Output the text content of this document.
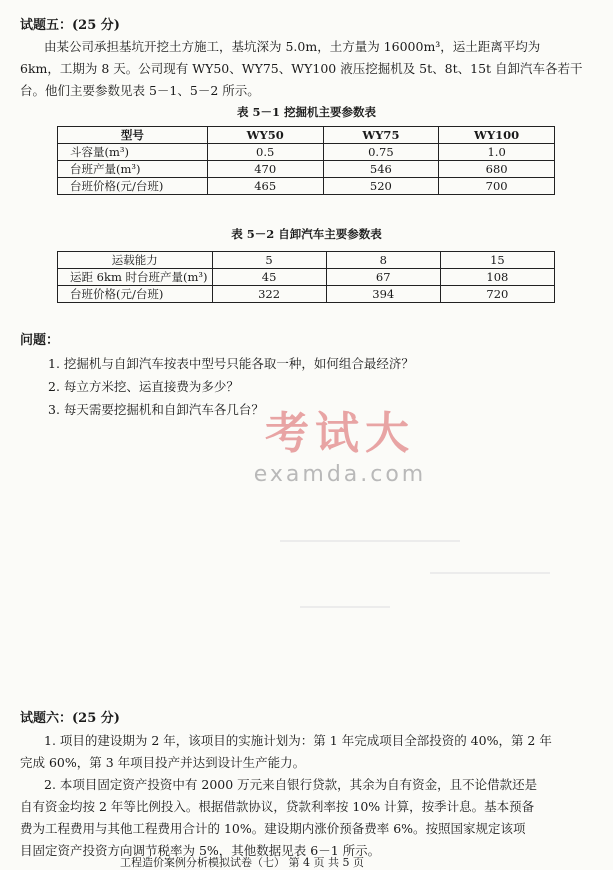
试题五：(25 分)
由某公司承担基坑开挖土方施工，基坑深为 5.0m，土方量为 16000m³，运土距离平均为
6km，工期为 8 天。公司现有 WY50、WY75、WY100 液压挖掘机及 5t、8t、15t 自卸汽车各若干
台。他们主要参数见表 5－1、5－2 所示。
表 5－1 挖掘机主要参数表
型号	WY50	WY75	WY100
斗容量(m³)	0.5	0.75	1.0
台班产量(m³)	470	546	680
台班价格(元/台班)	465	520	700
表 5－2 自卸汽车主要参数表
运载能力	5	8	15
运距 6km 时台班产量(m³)	45	67	108
台班价格(元/台班)	322	394	720
问题：
1. 挖掘机与自卸汽车按表中型号只能各取一种，如何组合最经济？
2. 每立方米挖、运直接费为多少？
3. 每天需要挖掘机和自卸汽车各几台？ 考试大
examda.com
试题六：(25 分)
1. 项目的建设期为 2 年，该项目的实施计划为：第 1 年完成项目全部投资的 40%，第 2 年
完成 60%，第 3 年项目投产并达到设计生产能力。
2. 本项目固定资产投资中有 2000 万元来自银行贷款，其余为自有资金，且不论借款还是
自有资金均按 2 年等比例投入。根据借款协议，贷款利率按 10% 计算，按季计息。基本预备
费为工程费用与其他工程费用合计的 10%。建设期内涨价预备费率 6%。按照国家规定该项
目固定资产投资方向调节税率为 5%，其他数据见表 6－1 所示。
工程造价案例分析模拟试卷（七） 第 4 页 共 5 页
